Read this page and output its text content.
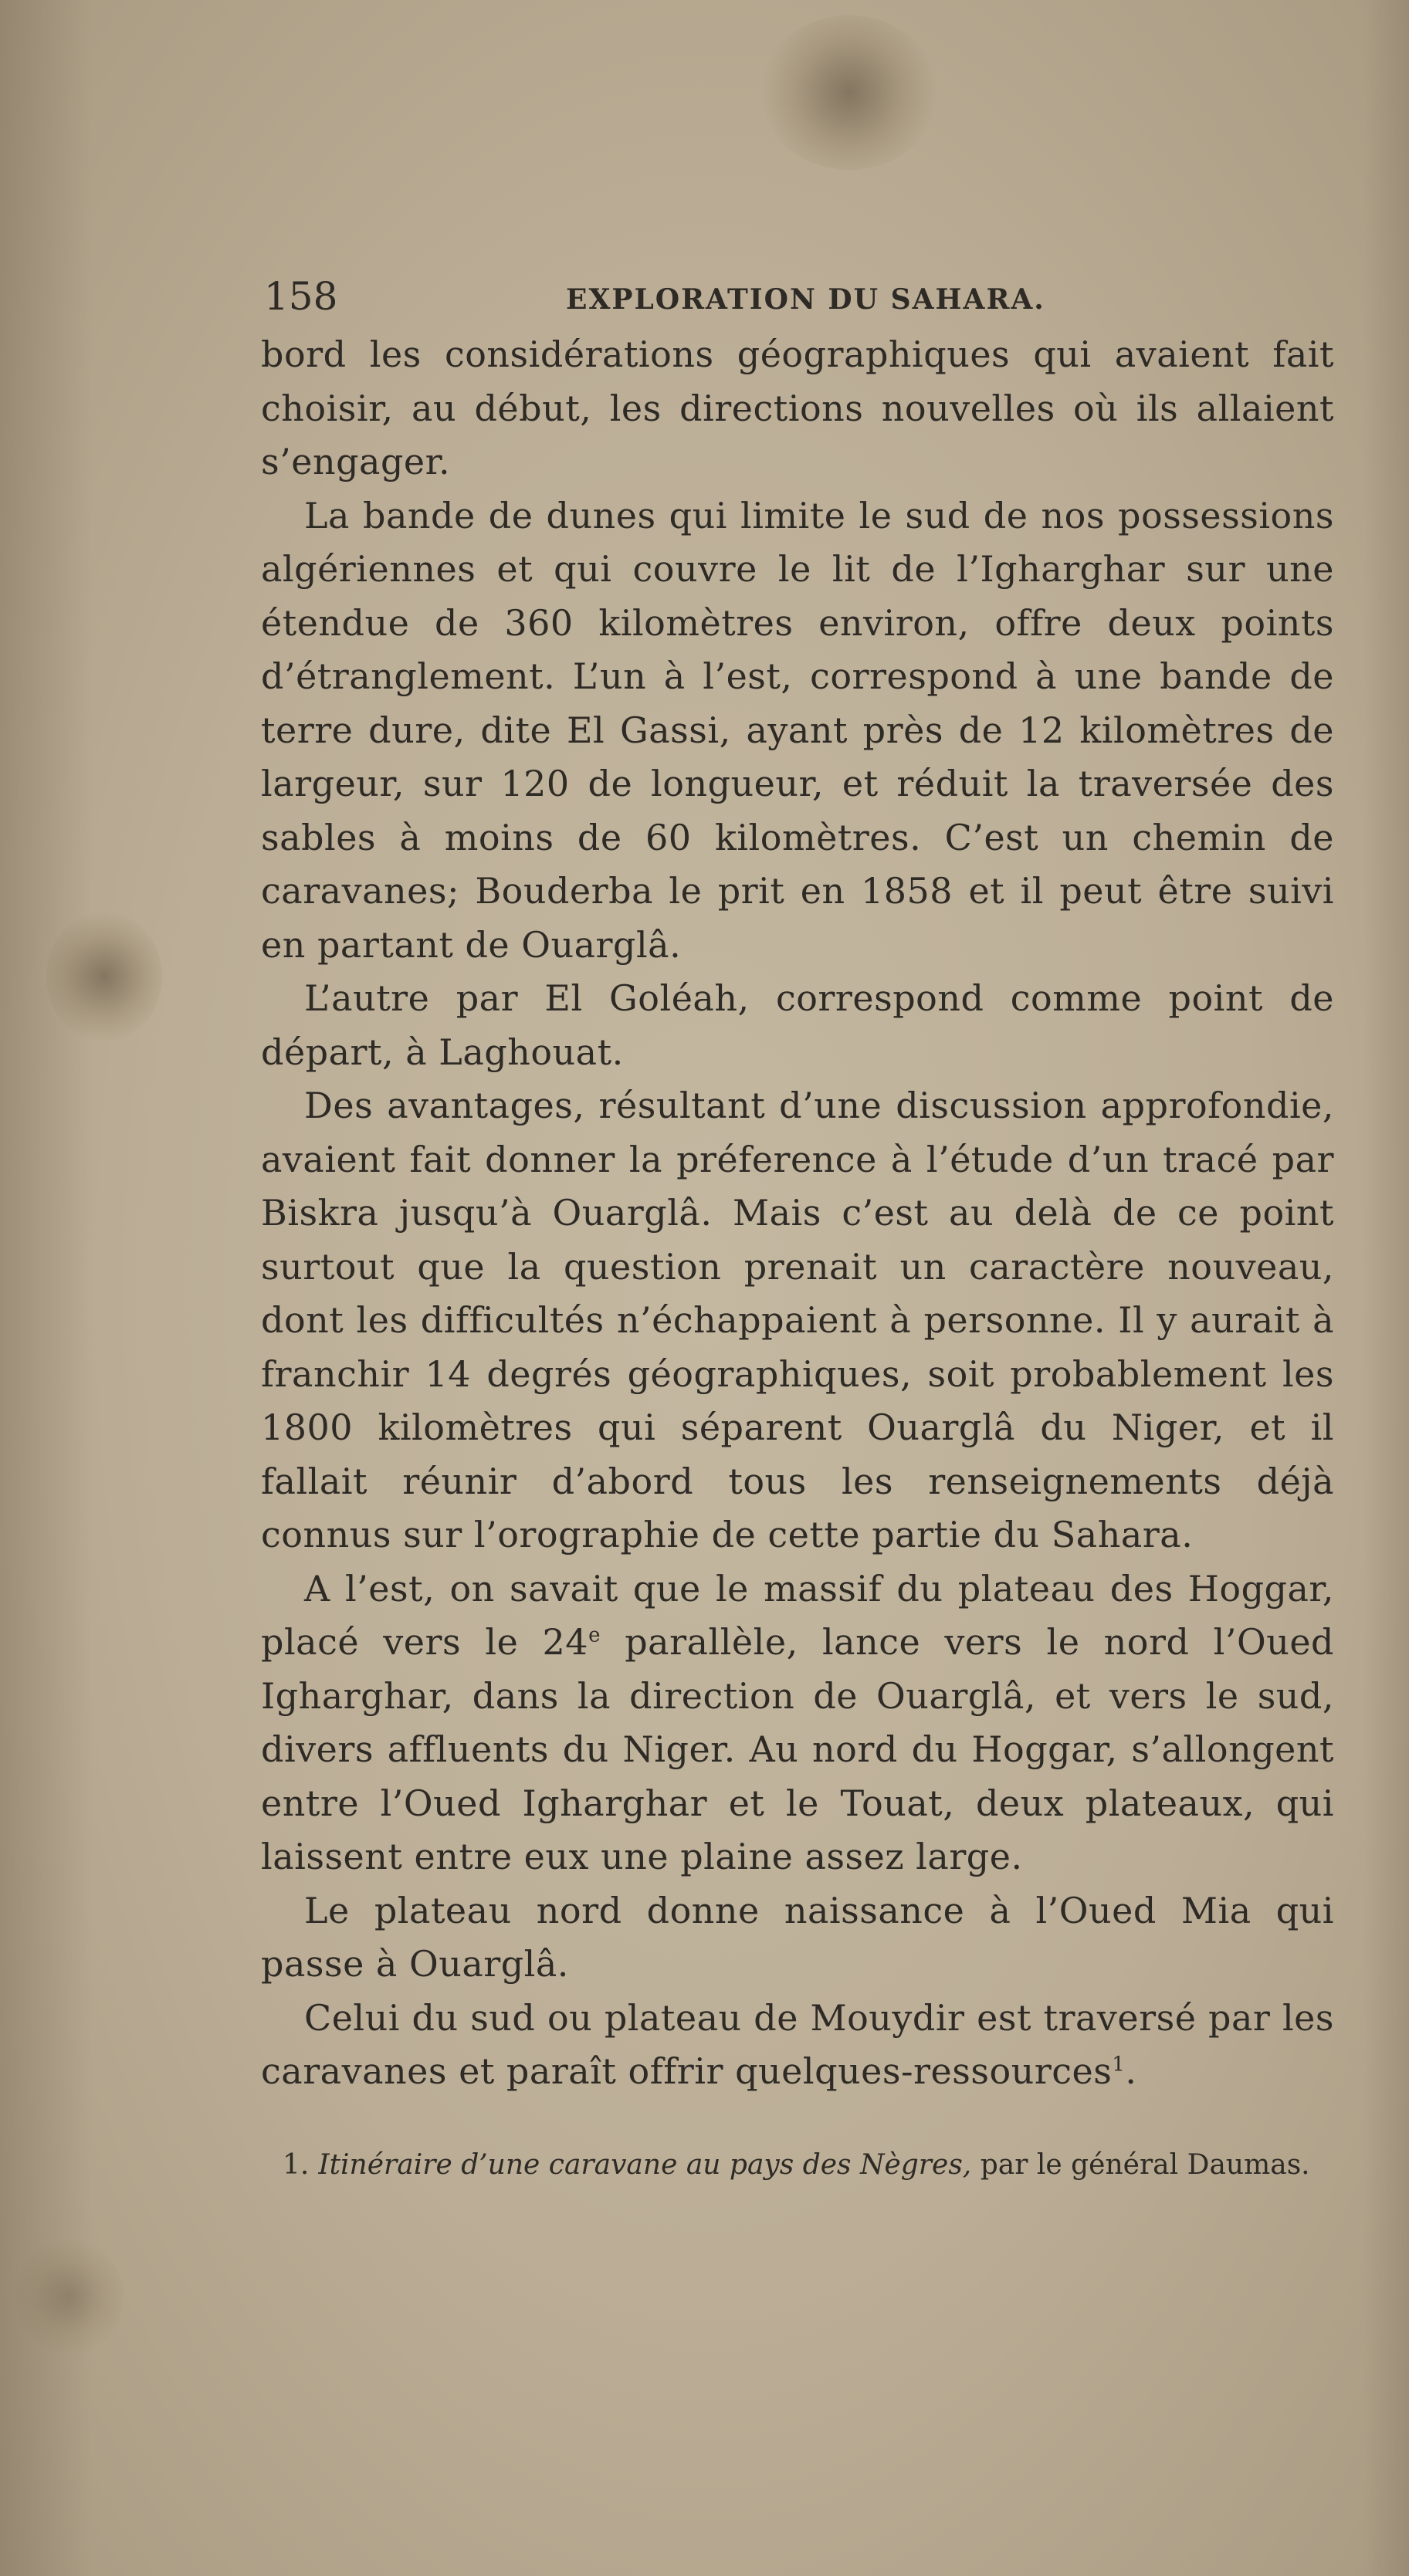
158	EXPLORATION DU SAHARA.

bord les considérations géographiques qui avaient fait choisir, au début, les directions nouvelles où ils allaient s’engager.

La bande de dunes qui limite le sud de nos possessions algériennes et qui couvre le lit de l’Igharghar sur une étendue de 360 kilomètres environ, offre deux points d’étranglement. L’un à l’est, correspond à une bande de terre dure, dite El Gassi, ayant près de 12 kilomètres de largeur, sur 120 de longueur, et réduit la traversée des sables à moins de 60 kilomètres. C’est un chemin de caravanes; Bouderba le prit en 1858 et il peut être suivi en partant de Ouarglâ.

L’autre par El Goléah, correspond comme point de départ, à Laghouat.

Des avantages, résultant d’une discussion approfondie, avaient fait donner la préference à l’étude d’un tracé par Biskra jusqu’à Ouarglâ. Mais c’est au delà de ce point surtout que la question prenait un caractère nouveau, dont les difficultés n’échappaient à personne. Il y aurait à franchir 14 degrés géographiques, soit probablement les 1800 kilomètres qui séparent Ouarglâ du Niger, et il fallait réunir d’abord tous les renseignements déjà connus sur l’orographie de cette partie du Sahara.

A l’est, on savait que le massif du plateau des Hoggar, placé vers le 24e parallèle, lance vers le nord l’Oued Igharghar, dans la direction de Ouarglâ, et vers le sud, divers affluents du Niger. Au nord du Hoggar, s’allongent entre l’Oued Igharghar et le Touat, deux plateaux, qui laissent entre eux une plaine assez large.

Le plateau nord donne naissance à l’Oued Mia qui passe à Ouarglâ.

Celui du sud ou plateau de Mouydir est traversé par les caravanes et paraît offrir quelques-ressources$^1$.

1. Itinéraire d’une caravane au pays des Nègres, par le général Daumas.
